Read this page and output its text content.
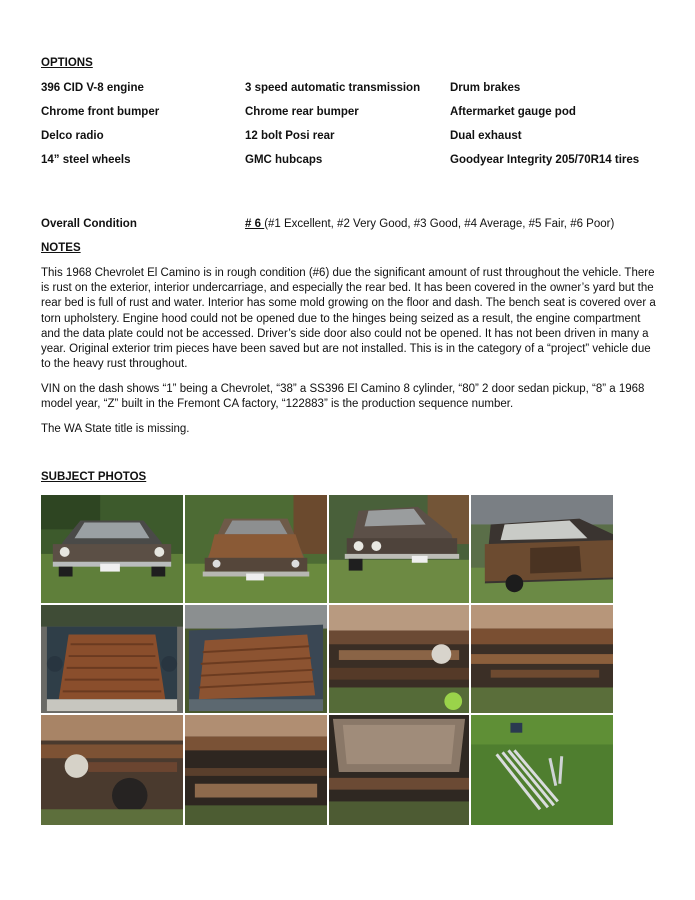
OPTIONS
396 CID V-8 engine	3 speed automatic transmission	Drum brakes
Chrome front bumper	Chrome rear bumper	Aftermarket gauge pod
Delco radio	12 bolt Posi rear	Dual exhaust
14” steel wheels	GMC hubcaps	Goodyear Integrity 205/70R14 tires
Overall Condition	# 6 (#1 Excellent, #2 Very Good, #3 Good, #4 Average, #5 Fair, #6 Poor)
NOTES
This 1968 Chevrolet El Camino is in rough condition (#6) due the significant amount of rust throughout the vehicle. There is rust on the exterior, interior undercarriage, and especially the rear bed. It has been covered in the owner’s yard but the rear bed is full of rust and water. Interior has some mold growing on the floor and dash. The bench seat is covered over a torn upholstery. Engine hood could not be opened due to the hinges being seized as a result, the engine compartment and the data plate could not be accessed. Driver’s side door also could not be opened. It has not been driven in many a year. Original exterior trim pieces have been saved but are not installed. This is in the category of a “project” vehicle due to the heavy rust throughout.
VIN on the dash shows “1” being a Chevrolet, “38” a SS396 El Camino 8 cylinder, “80” 2 door sedan pickup, “8” a 1968 model year, “Z” built in the Fremont CA factory, “122883” is the production sequence number.
The WA State title is missing.
SUBJECT PHOTOS
